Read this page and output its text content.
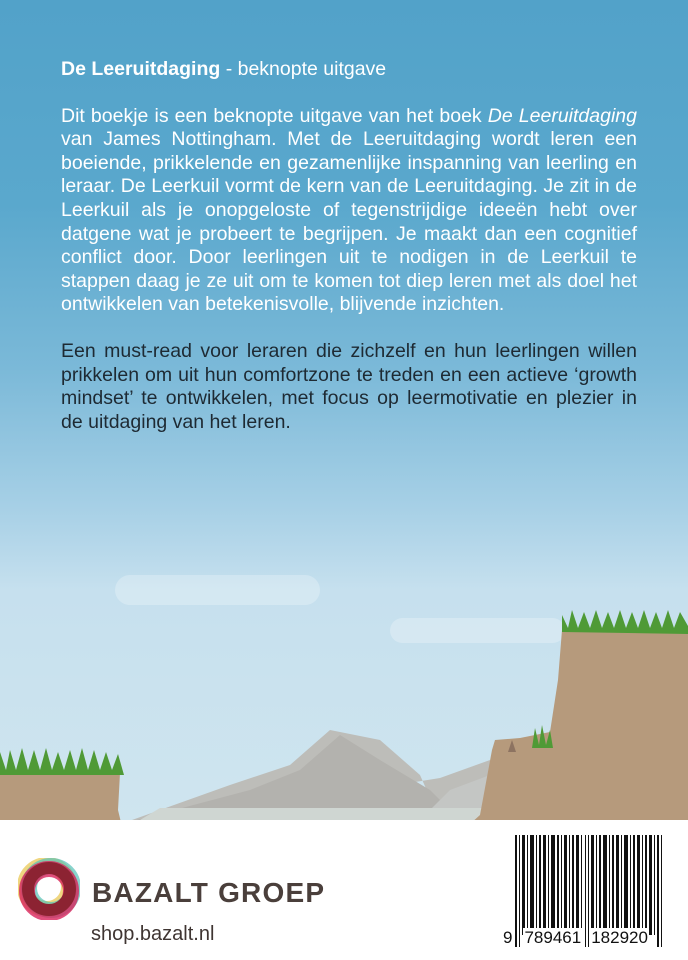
De Leeruitdaging - beknopte uitgave

Dit boekje is een beknopte uitgave van het boek De Leeruitdaging van James Nottingham. Met de Leeruitdaging wordt leren een boeiende, prikkelende en gezamenlijke inspanning van leerling en leraar. De Leerkuil vormt de kern van de Leeruitdaging. Je zit in de Leerkuil als je onopgeloste of tegenstrijdige ideeën hebt over datgene wat je probeert te begrijpen. Je maakt dan een cognitief conflict door. Door leerlingen uit te nodigen in de Leerkuil te stappen daag je ze uit om te komen tot diep leren met als doel het ontwikkelen van betekenisvolle, blijvende inzichten.

Een must-read voor leraren die zichzelf en hun leerlingen willen prikkelen om uit hun comfortzone te treden en een actieve ‘growth mindset’ te ontwikkelen, met focus op leermotivatie en plezier in de uitdaging van het leren.

BAZALT GROEP
shop.bazalt.nl	9 789461 182920
